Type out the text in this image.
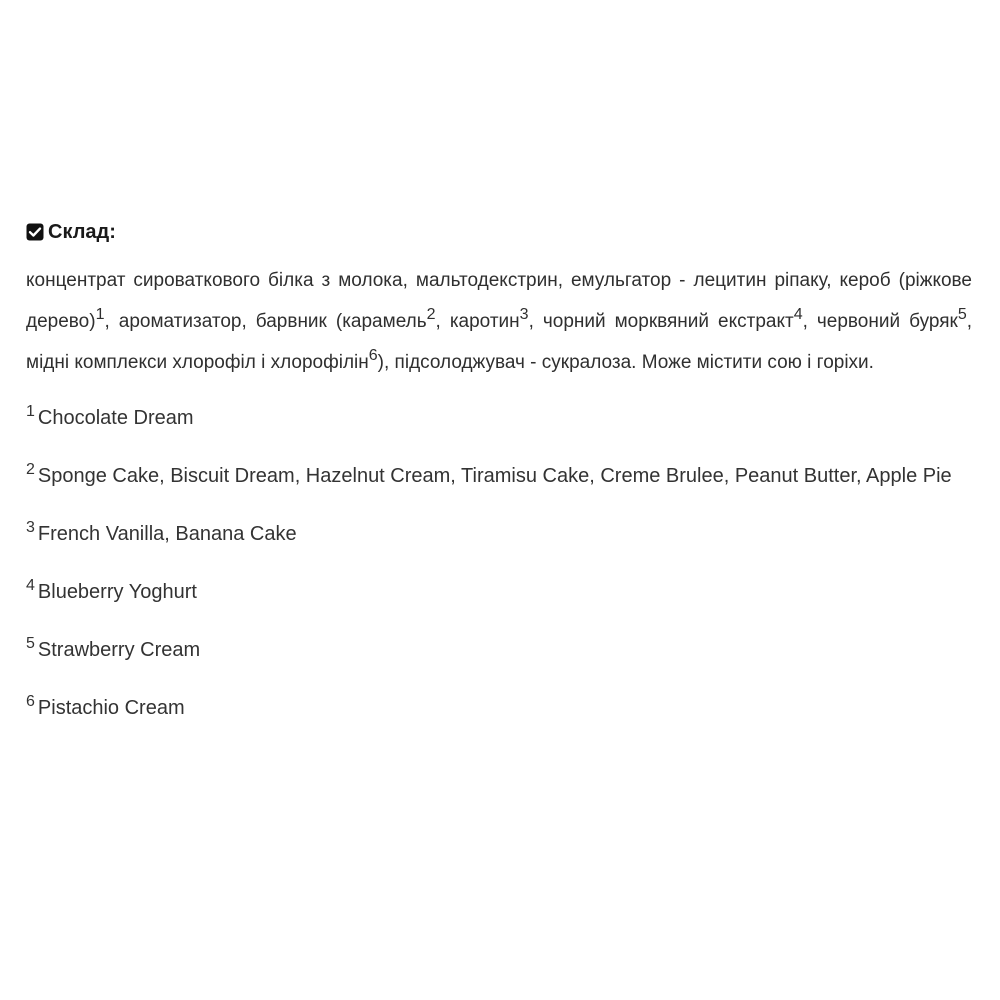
Склад:

концентрат сироваткового білка з молока, мальтодекстрин, емульгатор - лецитин ріпаку, кероб (ріжкове дерево)$^1$, ароматизатор, барвник (карамель$^2$, каротин$^3$, чорний морквяний екстракт$^4$, червоний буряк$^5$, мідні комплекси хлорофіл і хлорофілін$^6$), підсолоджувач - сукралоза. Може містити сою і горіхи.

$^1$ Chocolate Dream

$^2$ Sponge Cake, Biscuit Dream, Hazelnut Cream, Tiramisu Cake, Creme Brulee, Peanut Butter, Apple Pie

$^3$ French Vanilla, Banana Cake

$^4$ Blueberry Yoghurt

$^5$ Strawberry Cream

$^6$ Pistachio Cream
